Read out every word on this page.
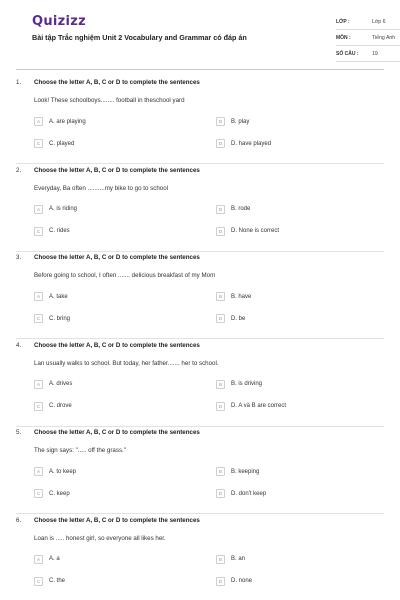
Quizizz
Bài tập Trắc nghiệm Unit 2 Vocabulary and Grammar có đáp án
LỚP :	Lớp 6
MÔN :	Tiếng Anh
SỐ CÂU :	19
1. Choose the letter A, B, C or D to complete the sentences
Look! These schoolboys........ football in theschool yard
A	A. are playing	B	B. play
C	C. played	D	D. have played
2. Choose the letter A, B, C or D to complete the sentences
Everyday, Ba often ..........my bike to go to school
A	A. is riding	B	B. rode
C	C. rides	D	D. None is correct
3. Choose the letter A, B, C or D to complete the sentences
Before going to school, I often ....... delicious breakfast of my Mom
A	A. take	B	B. have
C	C. bring	D	D. be
4. Choose the letter A, B, C or D to complete the sentences
Lan usually walks to school. But today, her father....... her to school.
A	A. drives	B	B. is driving
C	C. drove	D	D. A và B are correct
5. Choose the letter A, B, C or D to complete the sentences
The sign says: "..... off the grass."
A	A. to keep	B	B. keeping
C	C. keep	D	D. don't keep
6. Choose the letter A, B, C or D to complete the sentences
Loan is ..... honest girl, so everyone all likes her.
A	A. a	B	B. an
C	C. the	D	D. none
